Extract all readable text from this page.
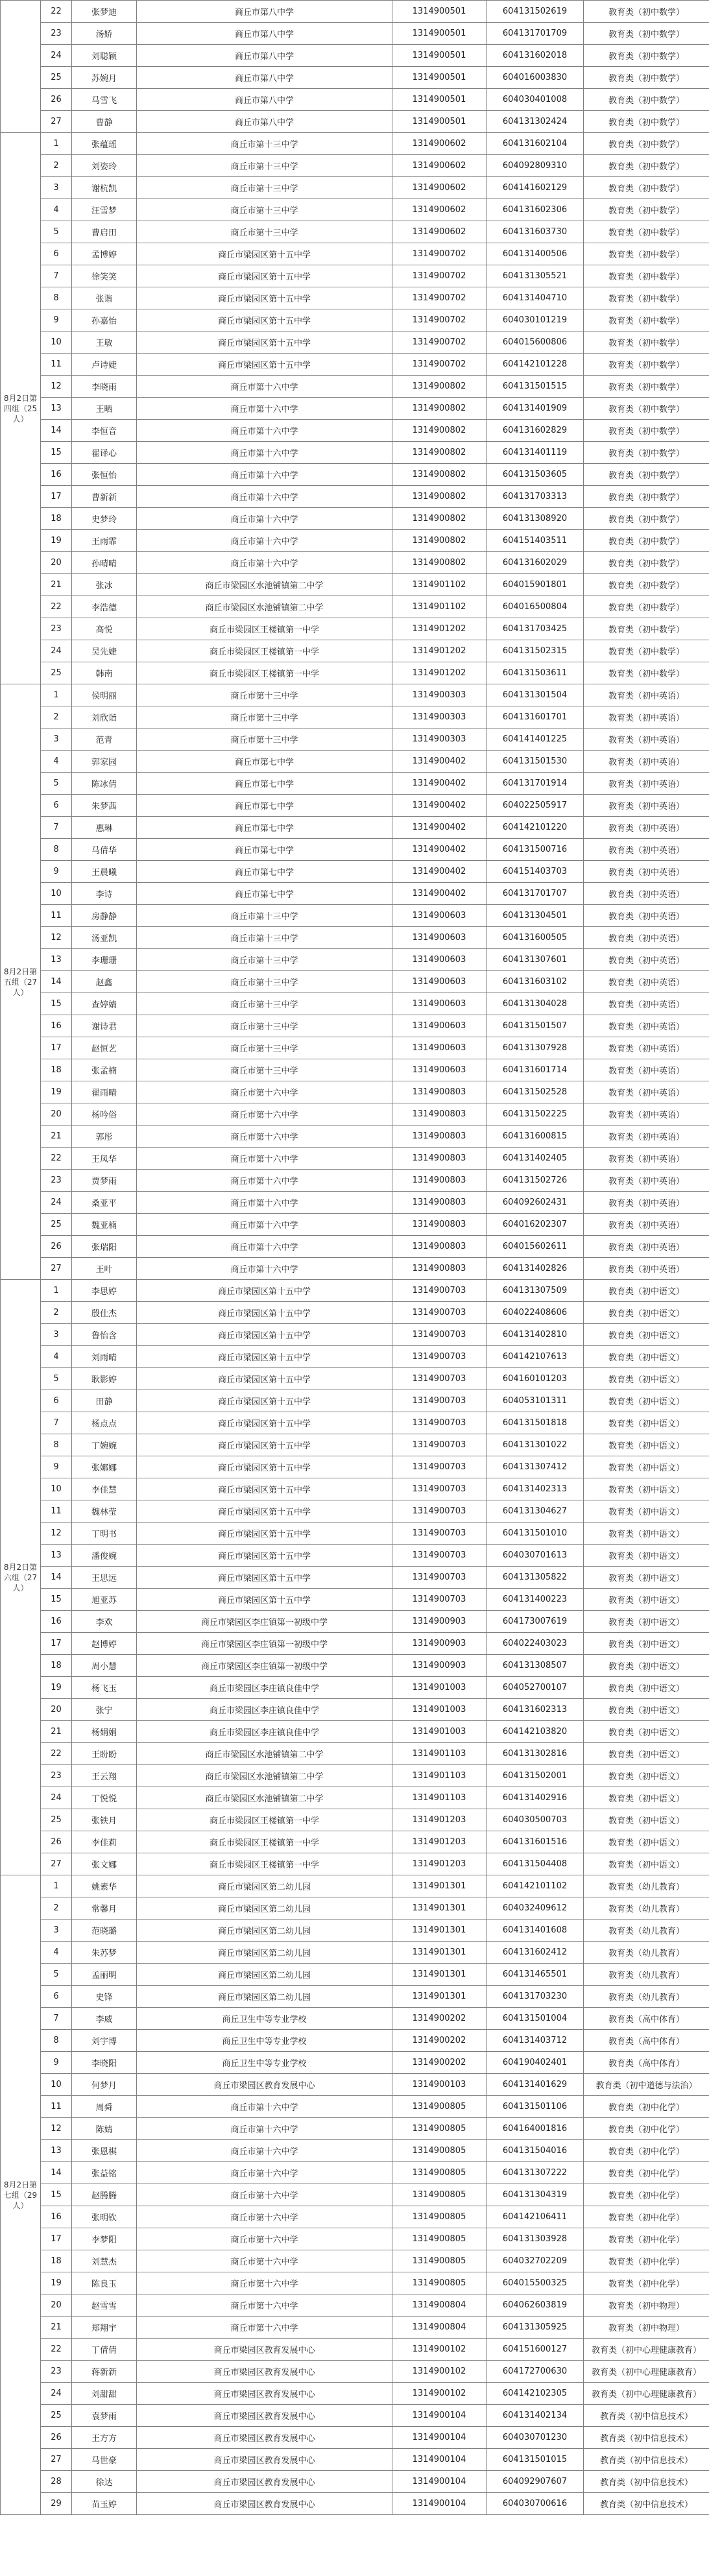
	22	张梦迪	商丘市第八中学	1314900501	604131502619	教育类（初中数学）
	23	汤娇	商丘市第八中学	1314900501	604131701709	教育类（初中数学）
	24	刘聪颖	商丘市第八中学	1314900501	604131602018	教育类（初中数学）
	25	苏婉月	商丘市第八中学	1314900501	604016003830	教育类（初中数学）
	26	马雪飞	商丘市第八中学	1314900501	604030401008	教育类（初中数学）
	27	曹静	商丘市第八中学	1314900501	604131302424	教育类（初中数学）
8月2日第四组（25人）	1	张蕴瑶	商丘市第十三中学	1314900602	604131602104	教育类（初中数学）
	2	刘姿玲	商丘市第十三中学	1314900602	604092809310	教育类（初中数学）
	3	谢杭凯	商丘市第十三中学	1314900602	604141602129	教育类（初中数学）
	4	汪雪梦	商丘市第十三中学	1314900602	604131602306	教育类（初中数学）
	5	曹启田	商丘市第十三中学	1314900602	604131603730	教育类（初中数学）
	6	孟博婷	商丘市梁园区第十五中学	1314900702	604131400506	教育类（初中数学）
	7	徐笑笑	商丘市梁园区第十五中学	1314900702	604131305521	教育类（初中数学）
	8	张谐	商丘市梁园区第十五中学	1314900702	604131404710	教育类（初中数学）
	9	孙嘉怡	商丘市梁园区第十五中学	1314900702	604030101219	教育类（初中数学）
	10	王敏	商丘市梁园区第十五中学	1314900702	604015600806	教育类（初中数学）
	11	卢诗婕	商丘市梁园区第十五中学	1314900702	604142101228	教育类（初中数学）
	12	李晓雨	商丘市第十六中学	1314900802	604131501515	教育类（初中数学）
	13	王晒	商丘市第十六中学	1314900802	604131401909	教育类（初中数学）
	14	李恒音	商丘市第十六中学	1314900802	604131602829	教育类（初中数学）
	15	翟译心	商丘市第十六中学	1314900802	604131401119	教育类（初中数学）
	16	张恒怡	商丘市第十六中学	1314900802	604131503605	教育类（初中数学）
	17	曹新新	商丘市第十六中学	1314900802	604131703313	教育类（初中数学）
	18	史梦玲	商丘市第十六中学	1314900802	604131308920	教育类（初中数学）
	19	王雨霏	商丘市第十六中学	1314900802	604151403511	教育类（初中数学）
	20	孙晴晴	商丘市第十六中学	1314900802	604131602029	教育类（初中数学）
	21	张冰	商丘市梁园区水池铺镇第二中学	1314901102	604015901801	教育类（初中数学）
	22	李浩德	商丘市梁园区水池铺镇第二中学	1314901102	604016500804	教育类（初中数学）
	23	高悦	商丘市梁园区王楼镇第一中学	1314901202	604131703425	教育类（初中数学）
	24	吴先婕	商丘市梁园区王楼镇第一中学	1314901202	604131502315	教育类（初中数学）
	25	韩南	商丘市梁园区王楼镇第一中学	1314901202	604131503611	教育类（初中数学）
8月2日第五组（27人）	1	侯明丽	商丘市第十三中学	1314900303	604131301504	教育类（初中英语）
	2	刘欣诣	商丘市第十三中学	1314900303	604131601701	教育类（初中英语）
	3	范青	商丘市第十三中学	1314900303	604141401225	教育类（初中英语）
	4	郭家园	商丘市第七中学	1314900402	604131501530	教育类（初中英语）
	5	陈冰倩	商丘市第七中学	1314900402	604131701914	教育类（初中英语）
	6	朱梦茜	商丘市第七中学	1314900402	604022505917	教育类（初中英语）
	7	惠琳	商丘市第七中学	1314900402	604142101220	教育类（初中英语）
	8	马倩华	商丘市第七中学	1314900402	604131500716	教育类（初中英语）
	9	王晨曦	商丘市第七中学	1314900402	604151403703	教育类（初中英语）
	10	李诗	商丘市第七中学	1314900402	604131701707	教育类（初中英语）
	11	房静静	商丘市第十三中学	1314900603	604131304501	教育类（初中英语）
	12	汤亚凯	商丘市第十三中学	1314900603	604131600505	教育类（初中英语）
	13	李珊珊	商丘市第十三中学	1314900603	604131307601	教育类（初中英语）
	14	赵鑫	商丘市第十三中学	1314900603	604131603102	教育类（初中英语）
	15	查婷婧	商丘市第十三中学	1314900603	604131304028	教育类（初中英语）
	16	谢诗君	商丘市第十三中学	1314900603	604131501507	教育类（初中英语）
	17	赵恒艺	商丘市第十三中学	1314900603	604131307928	教育类（初中英语）
	18	张孟楠	商丘市第十三中学	1314900603	604131601714	教育类（初中英语）
	19	翟雨晴	商丘市第十六中学	1314900803	604131502528	教育类（初中英语）
	20	杨吟俗	商丘市第十六中学	1314900803	604131502225	教育类（初中英语）
	21	郭彤	商丘市第十六中学	1314900803	604131600815	教育类（初中英语）
	22	王凤华	商丘市第十六中学	1314900803	604131402405	教育类（初中英语）
	23	贾梦雨	商丘市第十六中学	1314900803	604131502726	教育类（初中英语）
	24	桑亚平	商丘市第十六中学	1314900803	604092602431	教育类（初中英语）
	25	魏亚楠	商丘市第十六中学	1314900803	604016202307	教育类（初中英语）
	26	张瑞阳	商丘市第十六中学	1314900803	604015602611	教育类（初中英语）
	27	王叶	商丘市第十六中学	1314900803	604131402826	教育类（初中英语）
8月2日第六组（27人）	1	李思婷	商丘市梁园区第十五中学	1314900703	604131307509	教育类（初中语文）
	2	殷仕杰	商丘市梁园区第十五中学	1314900703	604022408606	教育类（初中语文）
	3	鲁怡含	商丘市梁园区第十五中学	1314900703	604131402810	教育类（初中语文）
	4	刘雨晴	商丘市梁园区第十五中学	1314900703	604142107613	教育类（初中语文）
	5	耿影婷	商丘市梁园区第十五中学	1314900703	604160101203	教育类（初中语文）
	6	田静	商丘市梁园区第十五中学	1314900703	604053101311	教育类（初中语文）
	7	杨点点	商丘市梁园区第十五中学	1314900703	604131501818	教育类（初中语文）
	8	丁婉婉	商丘市梁园区第十五中学	1314900703	604131301022	教育类（初中语文）
	9	张娜娜	商丘市梁园区第十五中学	1314900703	604131307412	教育类（初中语文）
	10	李佳慧	商丘市梁园区第十五中学	1314900703	604131402313	教育类（初中语文）
	11	魏林莹	商丘市梁园区第十五中学	1314900703	604131304627	教育类（初中语文）
	12	丁明书	商丘市梁园区第十五中学	1314900703	604131501010	教育类（初中语文）
	13	潘俊婉	商丘市梁园区第十五中学	1314900703	604030701613	教育类（初中语文）
	14	王思远	商丘市梁园区第十五中学	1314900703	604131305822	教育类（初中语文）
	15	旭亚苏	商丘市梁园区第十五中学	1314900703	604131400223	教育类（初中语文）
	16	李欢	商丘市梁园区李庄镇第一初级中学	1314900903	604173007619	教育类（初中语文）
	17	赵博婷	商丘市梁园区李庄镇第一初级中学	1314900903	604022403023	教育类（初中语文）
	18	周小慧	商丘市梁园区李庄镇第一初级中学	1314900903	604131308507	教育类（初中语文）
	19	杨飞玉	商丘市梁园区李庄镇良佳中学	1314901003	604052700107	教育类（初中语文）
	20	张宁	商丘市梁园区李庄镇良佳中学	1314901003	604131602313	教育类（初中语文）
	21	杨娟娟	商丘市梁园区李庄镇良佳中学	1314901003	604142103820	教育类（初中语文）
	22	王盼盼	商丘市梁园区水池铺镇第二中学	1314901103	604131302816	教育类（初中语文）
	23	王云翔	商丘市梁园区水池铺镇第二中学	1314901103	604131502001	教育类（初中语文）
	24	丁悦悦	商丘市梁园区水池铺镇第二中学	1314901103	604131402916	教育类（初中语文）
	25	张铁月	商丘市梁园区王楼镇第一中学	1314901203	604030500703	教育类（初中语文）
	26	李佳莉	商丘市梁园区王楼镇第一中学	1314901203	604131601516	教育类（初中语文）
	27	张文娜	商丘市梁园区王楼镇第一中学	1314901203	604131504408	教育类（初中语文）
8月2日第七组（29人）	1	姚素华	商丘市梁园区第二幼儿园	1314901301	604142101102	教育类（幼儿教育）
	2	常馨月	商丘市梁园区第二幼儿园	1314901301	604032409612	教育类（幼儿教育）
	3	范晓璐	商丘市梁园区第二幼儿园	1314901301	604131401608	教育类（幼儿教育）
	4	朱苏梦	商丘市梁园区第二幼儿园	1314901301	604131602412	教育类（幼儿教育）
	5	孟丽明	商丘市梁园区第二幼儿园	1314901301	604131465501	教育类（幼儿教育）
	6	史锋	商丘市梁园区第二幼儿园	1314901301	604131703230	教育类（幼儿教育）
	7	李威	商丘卫生中等专业学校	1314900202	604131501004	教育类（高中体育）
	8	刘宇博	商丘卫生中等专业学校	1314900202	604131403712	教育类（高中体育）
	9	李晓阳	商丘卫生中等专业学校	1314900202	604190402401	教育类（高中体育）
	10	何梦月	商丘市梁园区教育发展中心	1314900103	604131401629	教育类（初中道德与法治）
	11	周舜	商丘市第十六中学	1314900805	604131501106	教育类（初中化学）
	12	陈婧	商丘市第十六中学	1314900805	604164001816	教育类（初中化学）
	13	张恩棋	商丘市第十六中学	1314900805	604131504016	教育类（初中化学）
	14	张益铭	商丘市第十六中学	1314900805	604131307222	教育类（初中化学）
	15	赵腾腾	商丘市第十六中学	1314900805	604131304319	教育类（初中化学）
	16	张明钦	商丘市第十六中学	1314900805	604142106411	教育类（初中化学）
	17	李梦阳	商丘市第十六中学	1314900805	604131303928	教育类（初中化学）
	18	刘慧杰	商丘市第十六中学	1314900805	604032702209	教育类（初中化学）
	19	陈良玉	商丘市第十六中学	1314900805	604015500325	教育类（初中化学）
	20	赵雪雪	商丘市第十六中学	1314900804	604062603819	教育类（初中物理）
	21	郑翔宇	商丘市第十六中学	1314900804	604131305925	教育类（初中物理）
	22	丁倩倩	商丘市梁园区教育发展中心	1314900102	604151600127	教育类（初中心理健康教育）
	23	蒋新新	商丘市梁园区教育发展中心	1314900102	604172700630	教育类（初中心理健康教育）
	24	刘甜甜	商丘市梁园区教育发展中心	1314900102	604142102305	教育类（初中心理健康教育）
	25	袁梦雨	商丘市梁园区教育发展中心	1314900104	604131402134	教育类（初中信息技术）
	26	王方方	商丘市梁园区教育发展中心	1314900104	604030701230	教育类（初中信息技术）
	27	马世豪	商丘市梁园区教育发展中心	1314900104	604131501015	教育类（初中信息技术）
	28	徐达	商丘市梁园区教育发展中心	1314900104	604092907607	教育类（初中信息技术）
	29	苗玉婷	商丘市梁园区教育发展中心	1314900104	604030700616	教育类（初中信息技术）
